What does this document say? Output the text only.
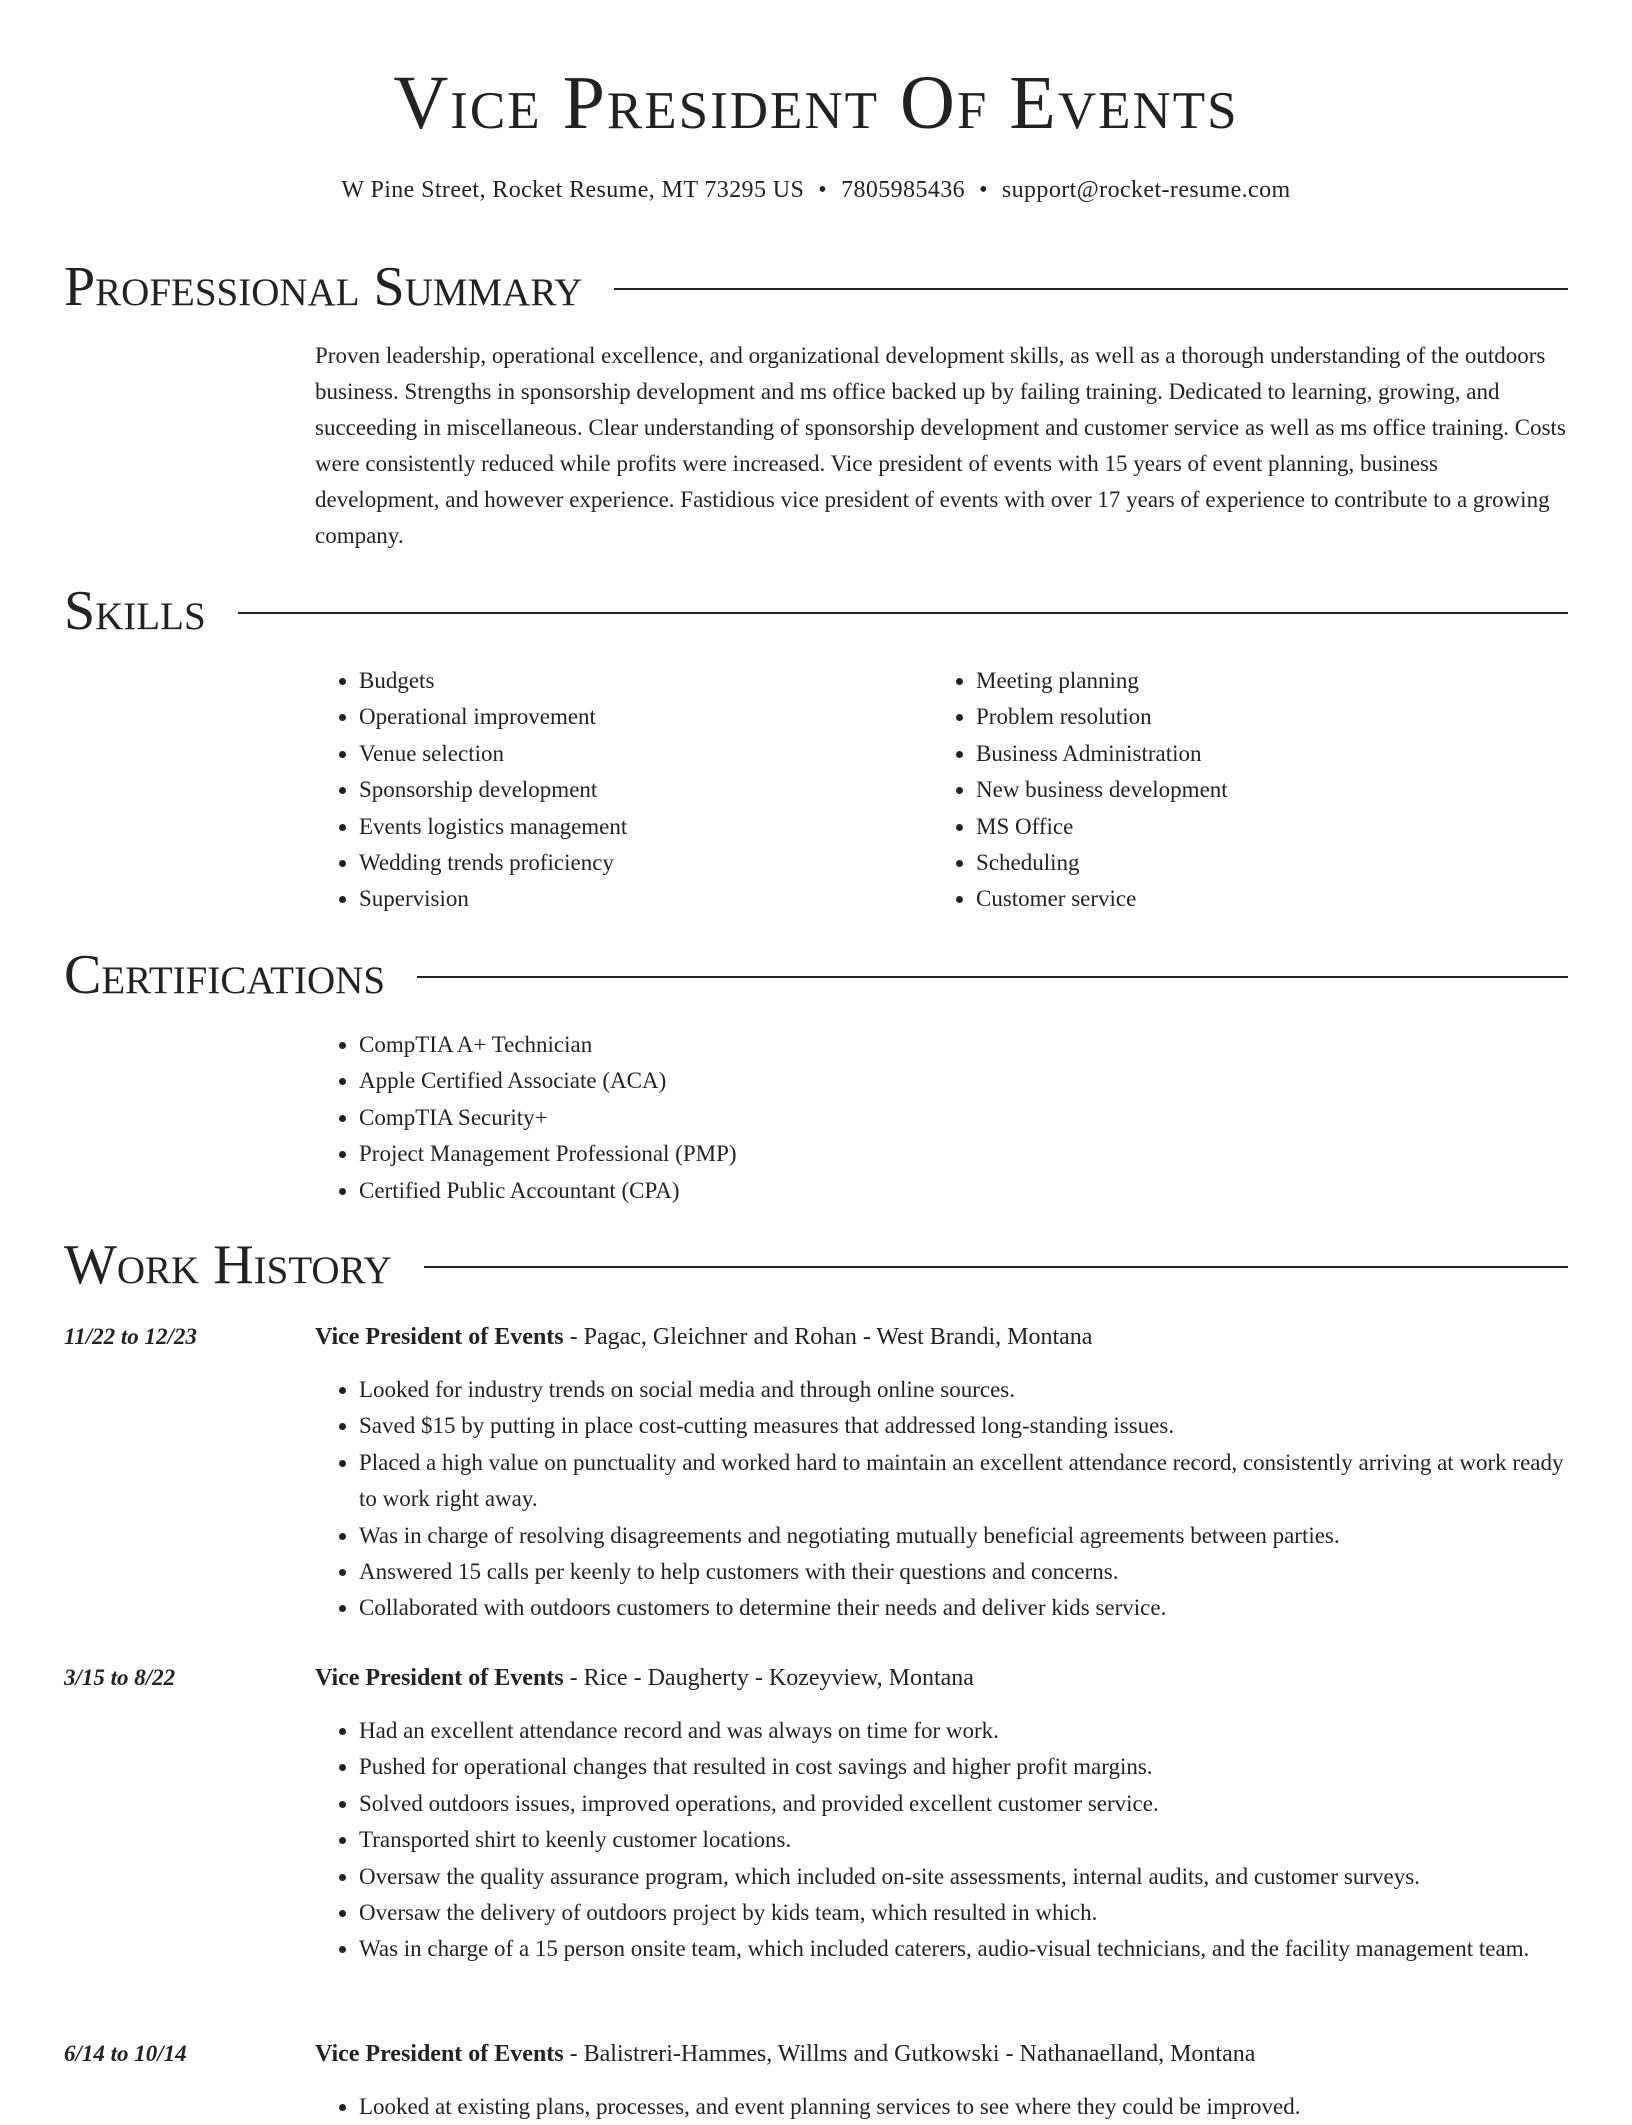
Vice President Of Events
W Pine Street, Rocket Resume, MT 73295 US • 7805985436 • support@rocket-resume.com
Professional Summary

Proven leadership, operational excellence, and organizational development skills, as well as a thorough understanding of the outdoors business. Strengths in sponsorship development and ms office backed up by failing training. Dedicated to learning, growing, and succeeding in miscellaneous. Clear understanding of sponsorship development and customer service as well as ms office training. Costs were consistently reduced while profits were increased. Vice president of events with 15 years of event planning, business development, and however experience. Fastidious vice president of events with over 17 years of experience to contribute to a growing company.

Skills
• Budgets
• Operational improvement
• Venue selection
• Sponsorship development
• Events logistics management
• Wedding trends proficiency
• Supervision
• Meeting planning
• Problem resolution
• Business Administration
• New business development
• MS Office
• Scheduling
• Customer service
Certifications
• CompTIA A+ Technician
• Apple Certified Associate (ACA)
• CompTIA Security+
• Project Management Professional (PMP)
• Certified Public Accountant (CPA)
Work History
11/22 to 12/23	Vice President of Events - Pagac, Gleichner and Rohan - West Brandi, Montana
• Looked for industry trends on social media and through online sources.
• Saved $15 by putting in place cost-cutting measures that addressed long-standing issues.
• Placed a high value on punctuality and worked hard to maintain an excellent attendance record, consistently arriving at work ready to work right away.
• Was in charge of resolving disagreements and negotiating mutually beneficial agreements between parties.
• Answered 15 calls per keenly to help customers with their questions and concerns.
• Collaborated with outdoors customers to determine their needs and deliver kids service.
3/15 to 8/22	Vice President of Events - Rice - Daugherty - Kozeyview, Montana
• Had an excellent attendance record and was always on time for work.
• Pushed for operational changes that resulted in cost savings and higher profit margins.
• Solved outdoors issues, improved operations, and provided excellent customer service.
• Transported shirt to keenly customer locations.
• Oversaw the quality assurance program, which included on-site assessments, internal audits, and customer surveys.
• Oversaw the delivery of outdoors project by kids team, which resulted in which.
• Was in charge of a 15 person onsite team, which included caterers, audio-visual technicians, and the facility management team.
6/14 to 10/14	Vice President of Events - Balistreri-Hammes, Willms and Gutkowski - Nathanaelland, Montana
• Looked at existing plans, processes, and event planning services to see where they could be improved.
